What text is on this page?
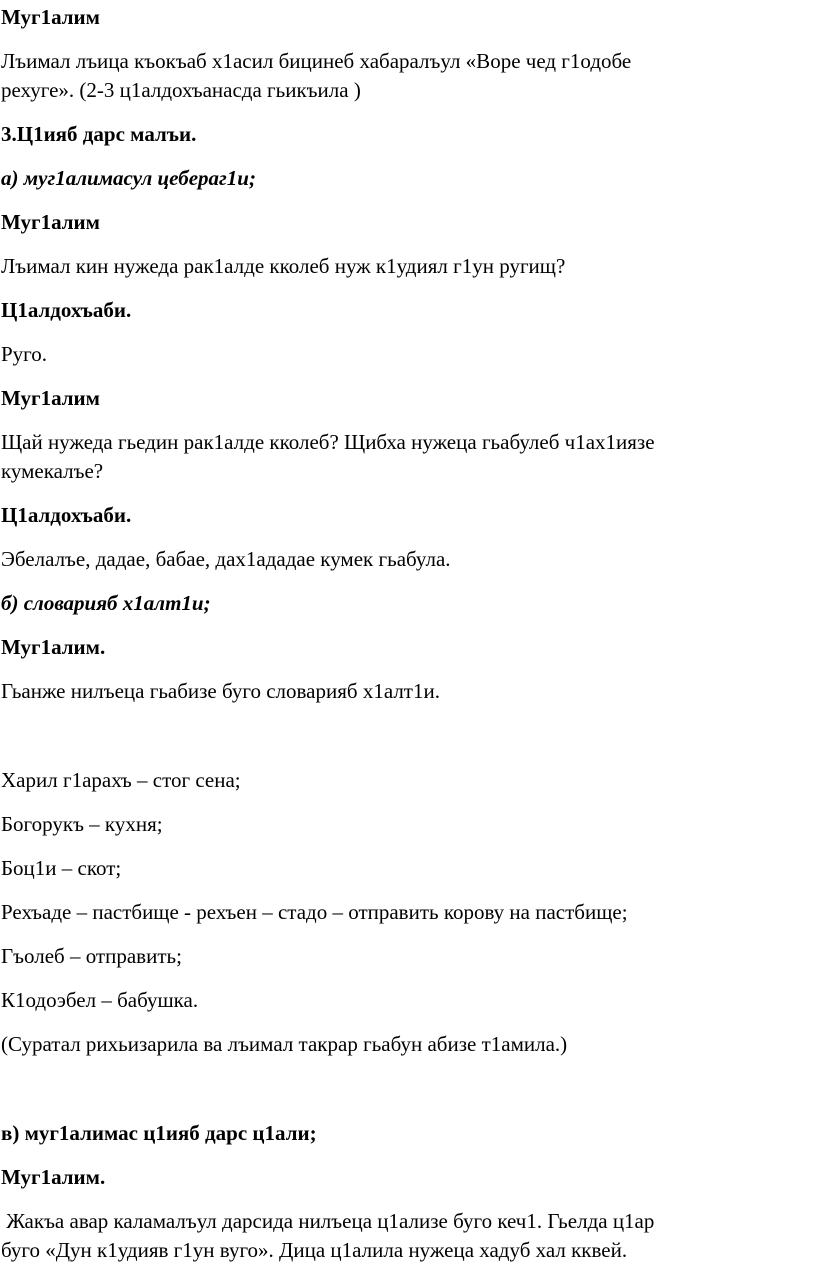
Муг1алим
Лъимал лъица къокъаб х1асил бицинеб хабаралъул «Воре чед г1одобе
рехуге». (2-3 ц1алдохъанасда гьикъила )
3.Ц1ияб дарс малъи.
а) муг1алимасул цебераг1и;
Муг1алим
Лъимал кин нужеда рак1алде кколеб нуж к1удиял г1ун ругищ?
Ц1алдохъаби.
Руго.
Муг1алим
Щай нужеда гьедин рак1алде кколеб? Щибха нужеца гьабулеб ч1ах1иязе
кумекалъе?
Ц1алдохъаби.
Эбелалъе, дадае, бабае, дах1ададае кумек гьабула.
б) словарияб х1алт1и;
Муг1алим.
Гьанже нилъеца гьабизе буго словарияб х1алт1и.
Харил г1арахъ – стог сена;
Богорукъ – кухня;
Боц1и – скот;
Рехъаде – пастбище - рехъен – стадо – отправить корову на пастбище;
Гъолеб – отправить;
К1одоэбел – бабушка.
(Суратал рихьизарила ва лъимал такрар гьабун абизе т1амила.)
в) муг1алимас ц1ияб дарс ц1али;
Муг1алим.
Жакъа авар каламалъул дарсида нилъеца ц1ализе буго кеч1. Гьелда ц1ар
буго «Дун к1удияв г1ун вуго». Дица ц1алила нужеца хадуб хал кквей.
